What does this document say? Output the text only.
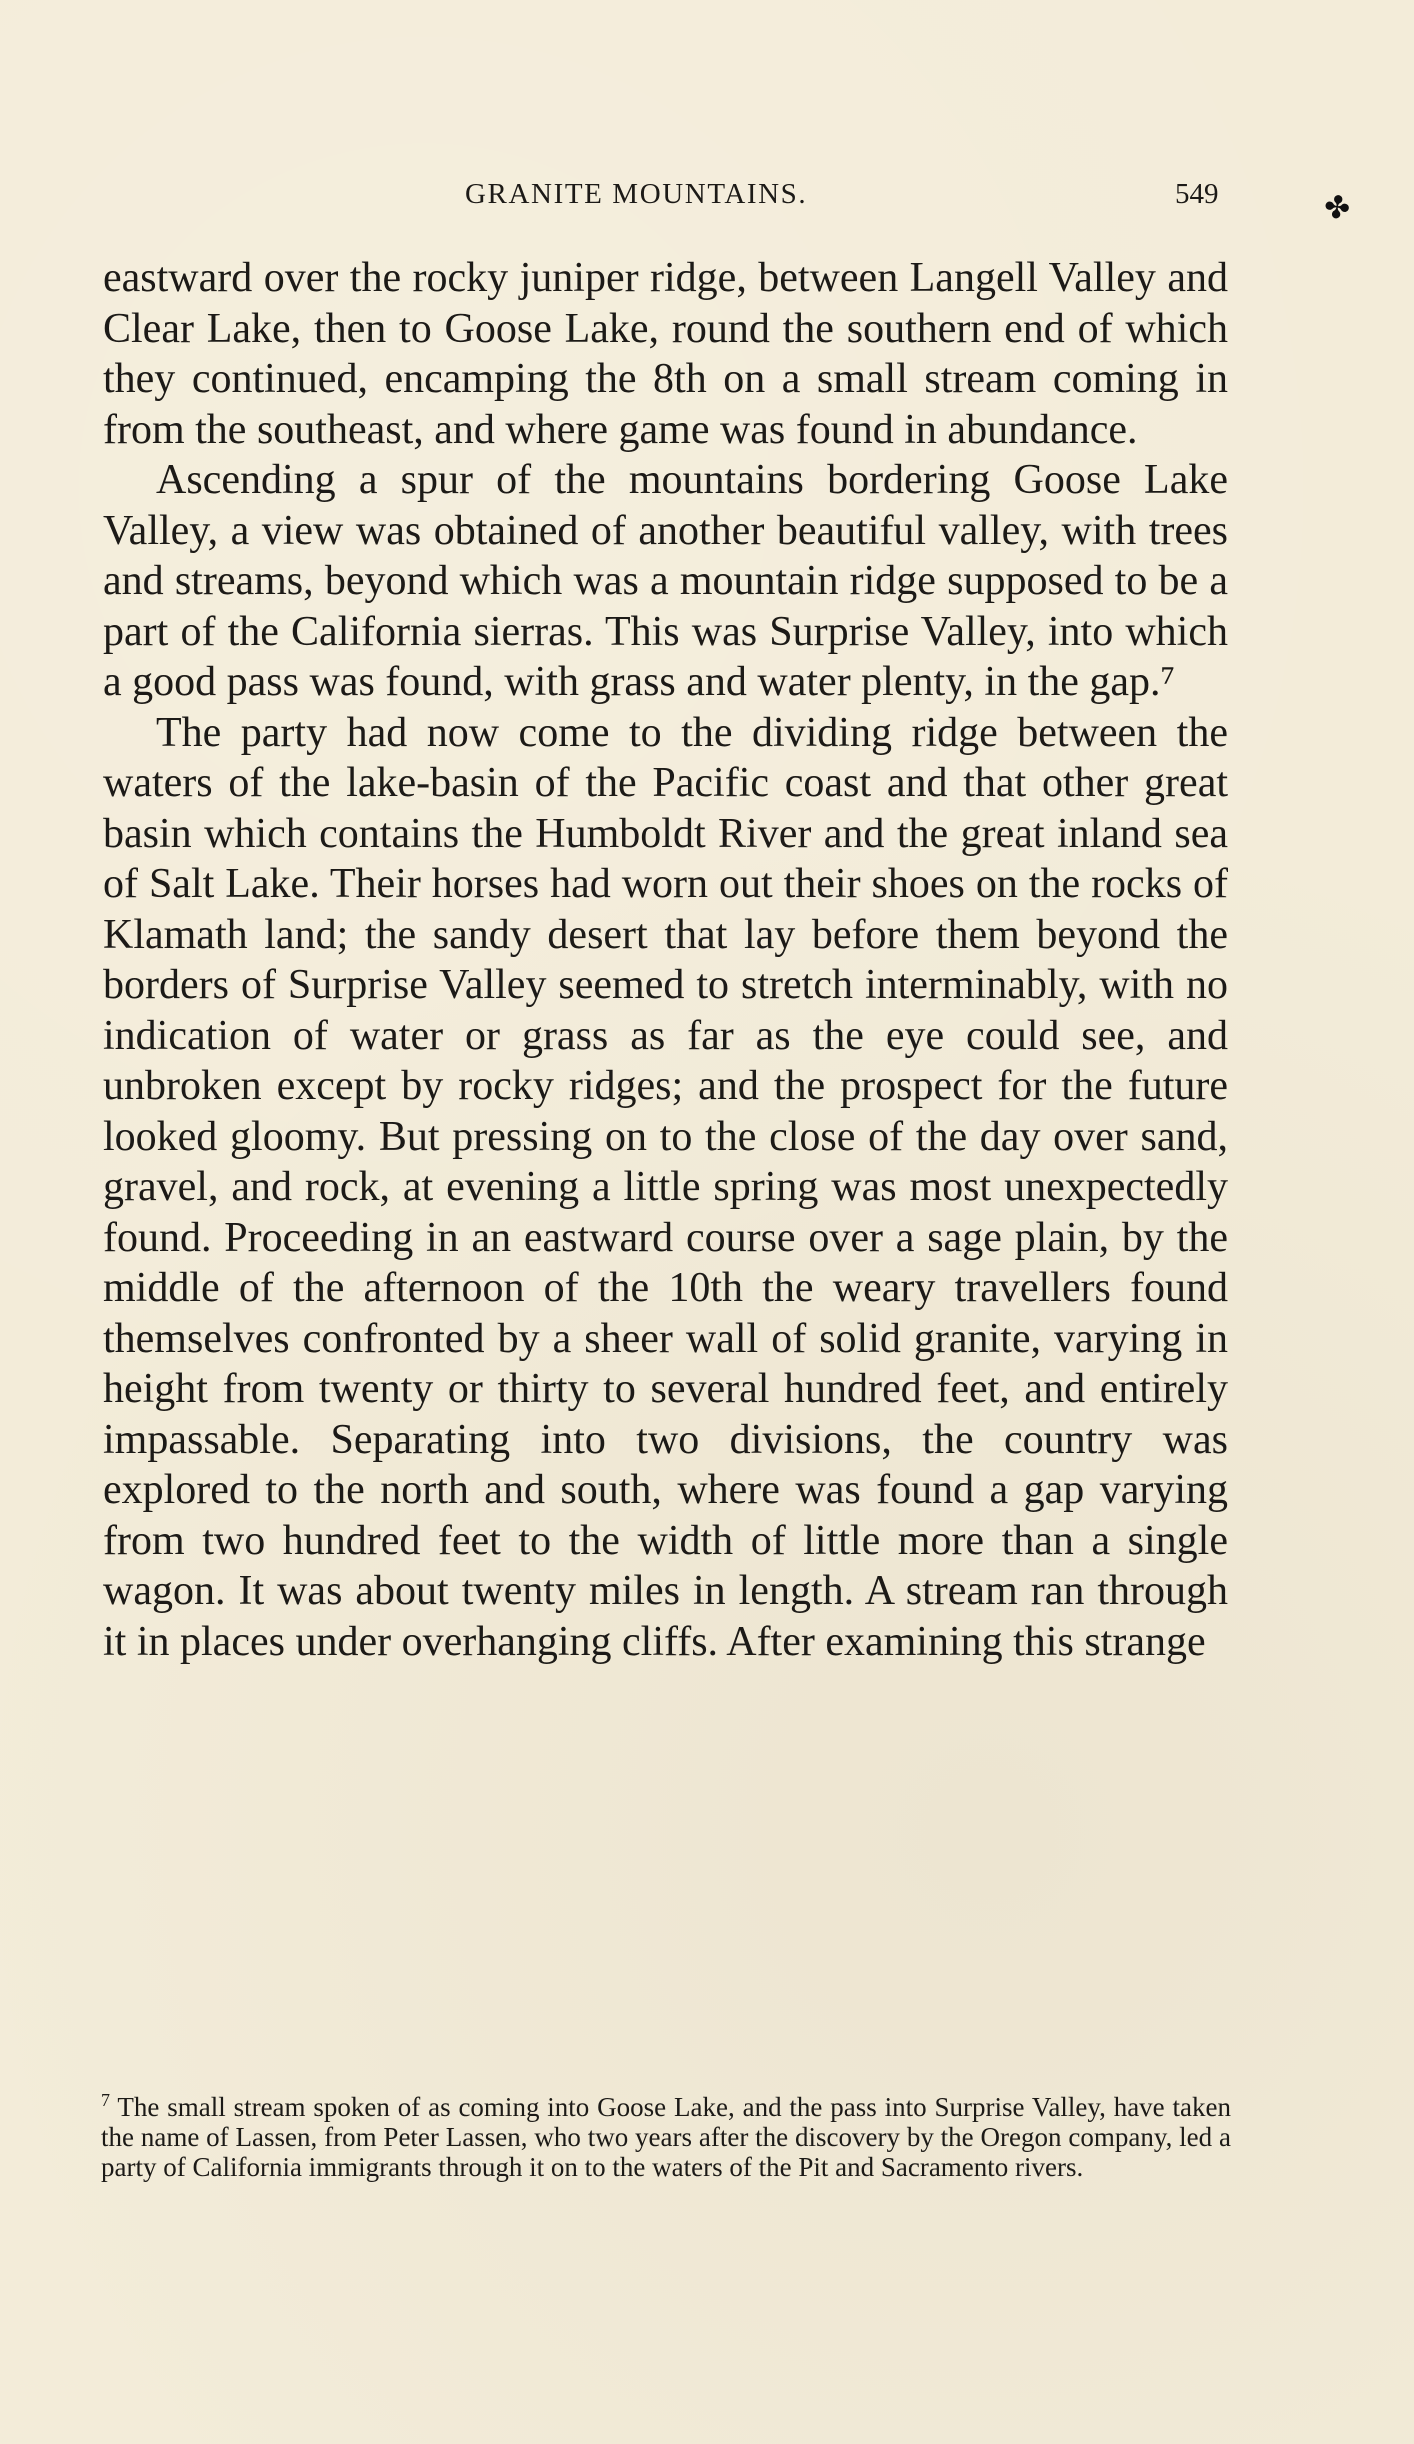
GRANITE MOUNTAINS.	549	✤

eastward over the rocky juniper ridge, between Langell Valley and Clear Lake, then to Goose Lake, round the southern end of which they continued, encamping the 8th on a small stream coming in from the southeast, and where game was found in abundance.

Ascending a spur of the mountains bordering Goose Lake Valley, a view was obtained of another beautiful valley, with trees and streams, beyond which was a mountain ridge supposed to be a part of the California sierras. This was Surprise Valley, into which a good pass was found, with grass and water plenty, in the gap.⁷

The party had now come to the dividing ridge between the waters of the lake-basin of the Pacific coast and that other great basin which contains the Humboldt River and the great inland sea of Salt Lake. Their horses had worn out their shoes on the rocks of Klamath land; the sandy desert that lay before them beyond the borders of Surprise Valley seemed to stretch interminably, with no indication of water or grass as far as the eye could see, and unbroken except by rocky ridges; and the prospect for the future looked gloomy. But pressing on to the close of the day over sand, gravel, and rock, at evening a little spring was most unexpectedly found. Proceeding in an eastward course over a sage plain, by the middle of the afternoon of the 10th the weary travellers found themselves confronted by a sheer wall of solid granite, varying in height from twenty or thirty to several hundred feet, and entirely impassable. Separating into two divisions, the country was explored to the north and south, where was found a gap varying from two hundred feet to the width of little more than a single wagon. It was about twenty miles in length. A stream ran through it in places under overhanging cliffs. After examining this strange

$^7$ The small stream spoken of as coming into Goose Lake, and the pass into Surprise Valley, have taken the name of Lassen, from Peter Lassen, who two years after the discovery by the Oregon company, led a party of California immigrants through it on to the waters of the Pit and Sacramento rivers.
